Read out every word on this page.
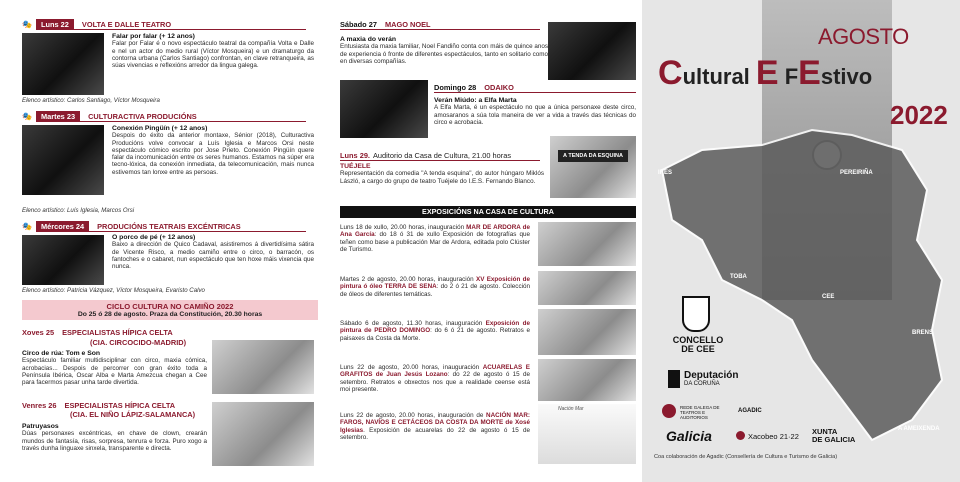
🎭	Luns 22	VOLTA E DALLE TEATRO
Falar por falar (+ 12 anos)
Falar por Falar é o novo espectáculo teatral da compañía Volta e Dalle e nel un actor do medio rural (Víctor Mosqueira) e un dramaturgo da contorna urbana (Carlos Santiago) confrontan, en clave retranqueira, as súas vivencias e reflexións arredor da lingua galega.
Elenco artístico: Carlos Santiago, Víctor Mosqueira
🎭	Martes 23	CULTURACTIVA PRODUCIÓNS
Conexión Pingüín (+ 12 anos)
Despois do éxito da anterior montaxe, Sénior (2018), Culturactiva Producións volve convocar a Luís Iglesia e Marcos Orsi neste espectáculo cómico escrito por Jose Prieto. Conexión Pingüín quere falar da incomunicación entre os seres humanos. Estamos na súper era tecno-lóxica, da conexión inmediata, da telecomunicación, mais nunca estivemos tan lonxe entre as persoas.
Elenco artístico: Luís Iglesia, Marcos Orsi
🎭	Mércores 24	PRODUCIÓNS TEATRAIS EXCÉNTRICAS
O porco de pé (+ 12 anos)
Baixo a dirección de Quico Cadaval, asistiremos á divertidísima sátira de Vicente Risco, a medio camiño entre o circo, o barracón, os fantoches e o cabaret, nun espectáculo que ten hoxe máis vixencia que nunca.
Elenco artístico: Patricia Vázquez, Víctor Mosqueira, Evaristo Calvo
CICLO CULTURA NO CAMIÑO 2022
Do 25 ó 28 de agosto. Praza da Constitución, 20.30 horas
Xoves 25 ESPECIALISTAS HÍPICA CELTA
(CIA. CIRCOCIDO-MADRID)
Circo de rúa: Tom e Son
Espectáculo familiar multidisciplinar con circo, maxia cómica, acrobacias... Despois de percorrer con gran éxito toda a Península Ibérica, Oscar Alba e Marta Amezcua chegan a Cee para facermos pasar unha tarde divertida.
Venres 26 ESPECIALISTAS HÍPICA CELTA
(CIA. EL NIÑO LÁPIZ-SALAMANCA)
Patruyasos
Dúas personaxes excéntricas, en chave de clown, crearán mundos de fantasía, risas, sorpresa, tenrura e forza. Puro xogo a través dunha linguaxe sinxela, transparente e directa.
Sábado 27 MAGO NOEL
A maxia do verán
Entusiasta da maxia familiar, Noel Fandiño conta con máis de quince anos de experiencia ó fronte de diferentes espectáculos, tanto en solitario como en diversas compañías.
Domingo 28 ODAIKO
Verán Miúdo: a Elfa Marta
A Elfa Marta, é un espectáculo no que a única personaxe deste circo, amosaranos a súa tola maneira de ver a vida a través das técnicas do circo e acrobacia.
Luns 29. Auditorio da Casa de Cultura, 21.00 horas
TUÉJELE
Representación da comedia "A tenda esquina", do autor húngaro Miklós László, a cargo do grupo de teatro Tuéjele do I.E.S. Fernando Blanco.
A TENDA DA ESQUINA
EXPOSICIÓNS NA CASA DE CULTURA
Luns 18 de xullo, 20.00 horas, inauguración MAR DE ARDORA de Ana García: do 18 ó 31 de xullo Exposición de fotografías que teñen como base a publicación Mar de Ardora, editada polo Clúster de Turismo.
Martes 2 de agosto, 20.00 horas, inauguración XV Exposición de pintura ó óleo TERRA DE SENA: do 2 ó 21 de agosto. Colección de óleos de diferentes temáticas.
Sábado 6 de agosto, 11.30 horas, inauguración Exposición de pintura de PEDRO DOMINGO: do 6 ó 21 de agosto. Retratos e paisaxes da Costa da Morte.
Luns 22 de agosto, 20.00 horas, inauguración ACUARELAS E GRAFITOS de Juan Jesús Lozano: do 22 de agosto ó 15 de setembro. Retratos e obxectos nos que a realidade ceense está moi presente.
Luns 22 de agosto, 20.00 horas, inauguración de NACIÓN MAR: FAROS, NAVÍOS E CETÁCEOS DA COSTA DA MORTE de Xosé Iglesias. Exposición de acuarelas do 22 de agosto ó 15 de setembro.
Nación Mar
IRES	PEREIRIÑA
TOBA
CEE
BRENS
A AMEIXENDA
AGOSTO
Cultural E FEstivo
2022
CONCELLO DE CEE
Deputación
DA CORUÑA
REDE GALEGA DE TEATROS E AUDITORIOS
AGADIC
Galicia	Xacobeo 21·22
XUNTA
DE GALICIA
Coa colaboración de Agadic (Consellería de Cultura e Turismo de Galicia)
